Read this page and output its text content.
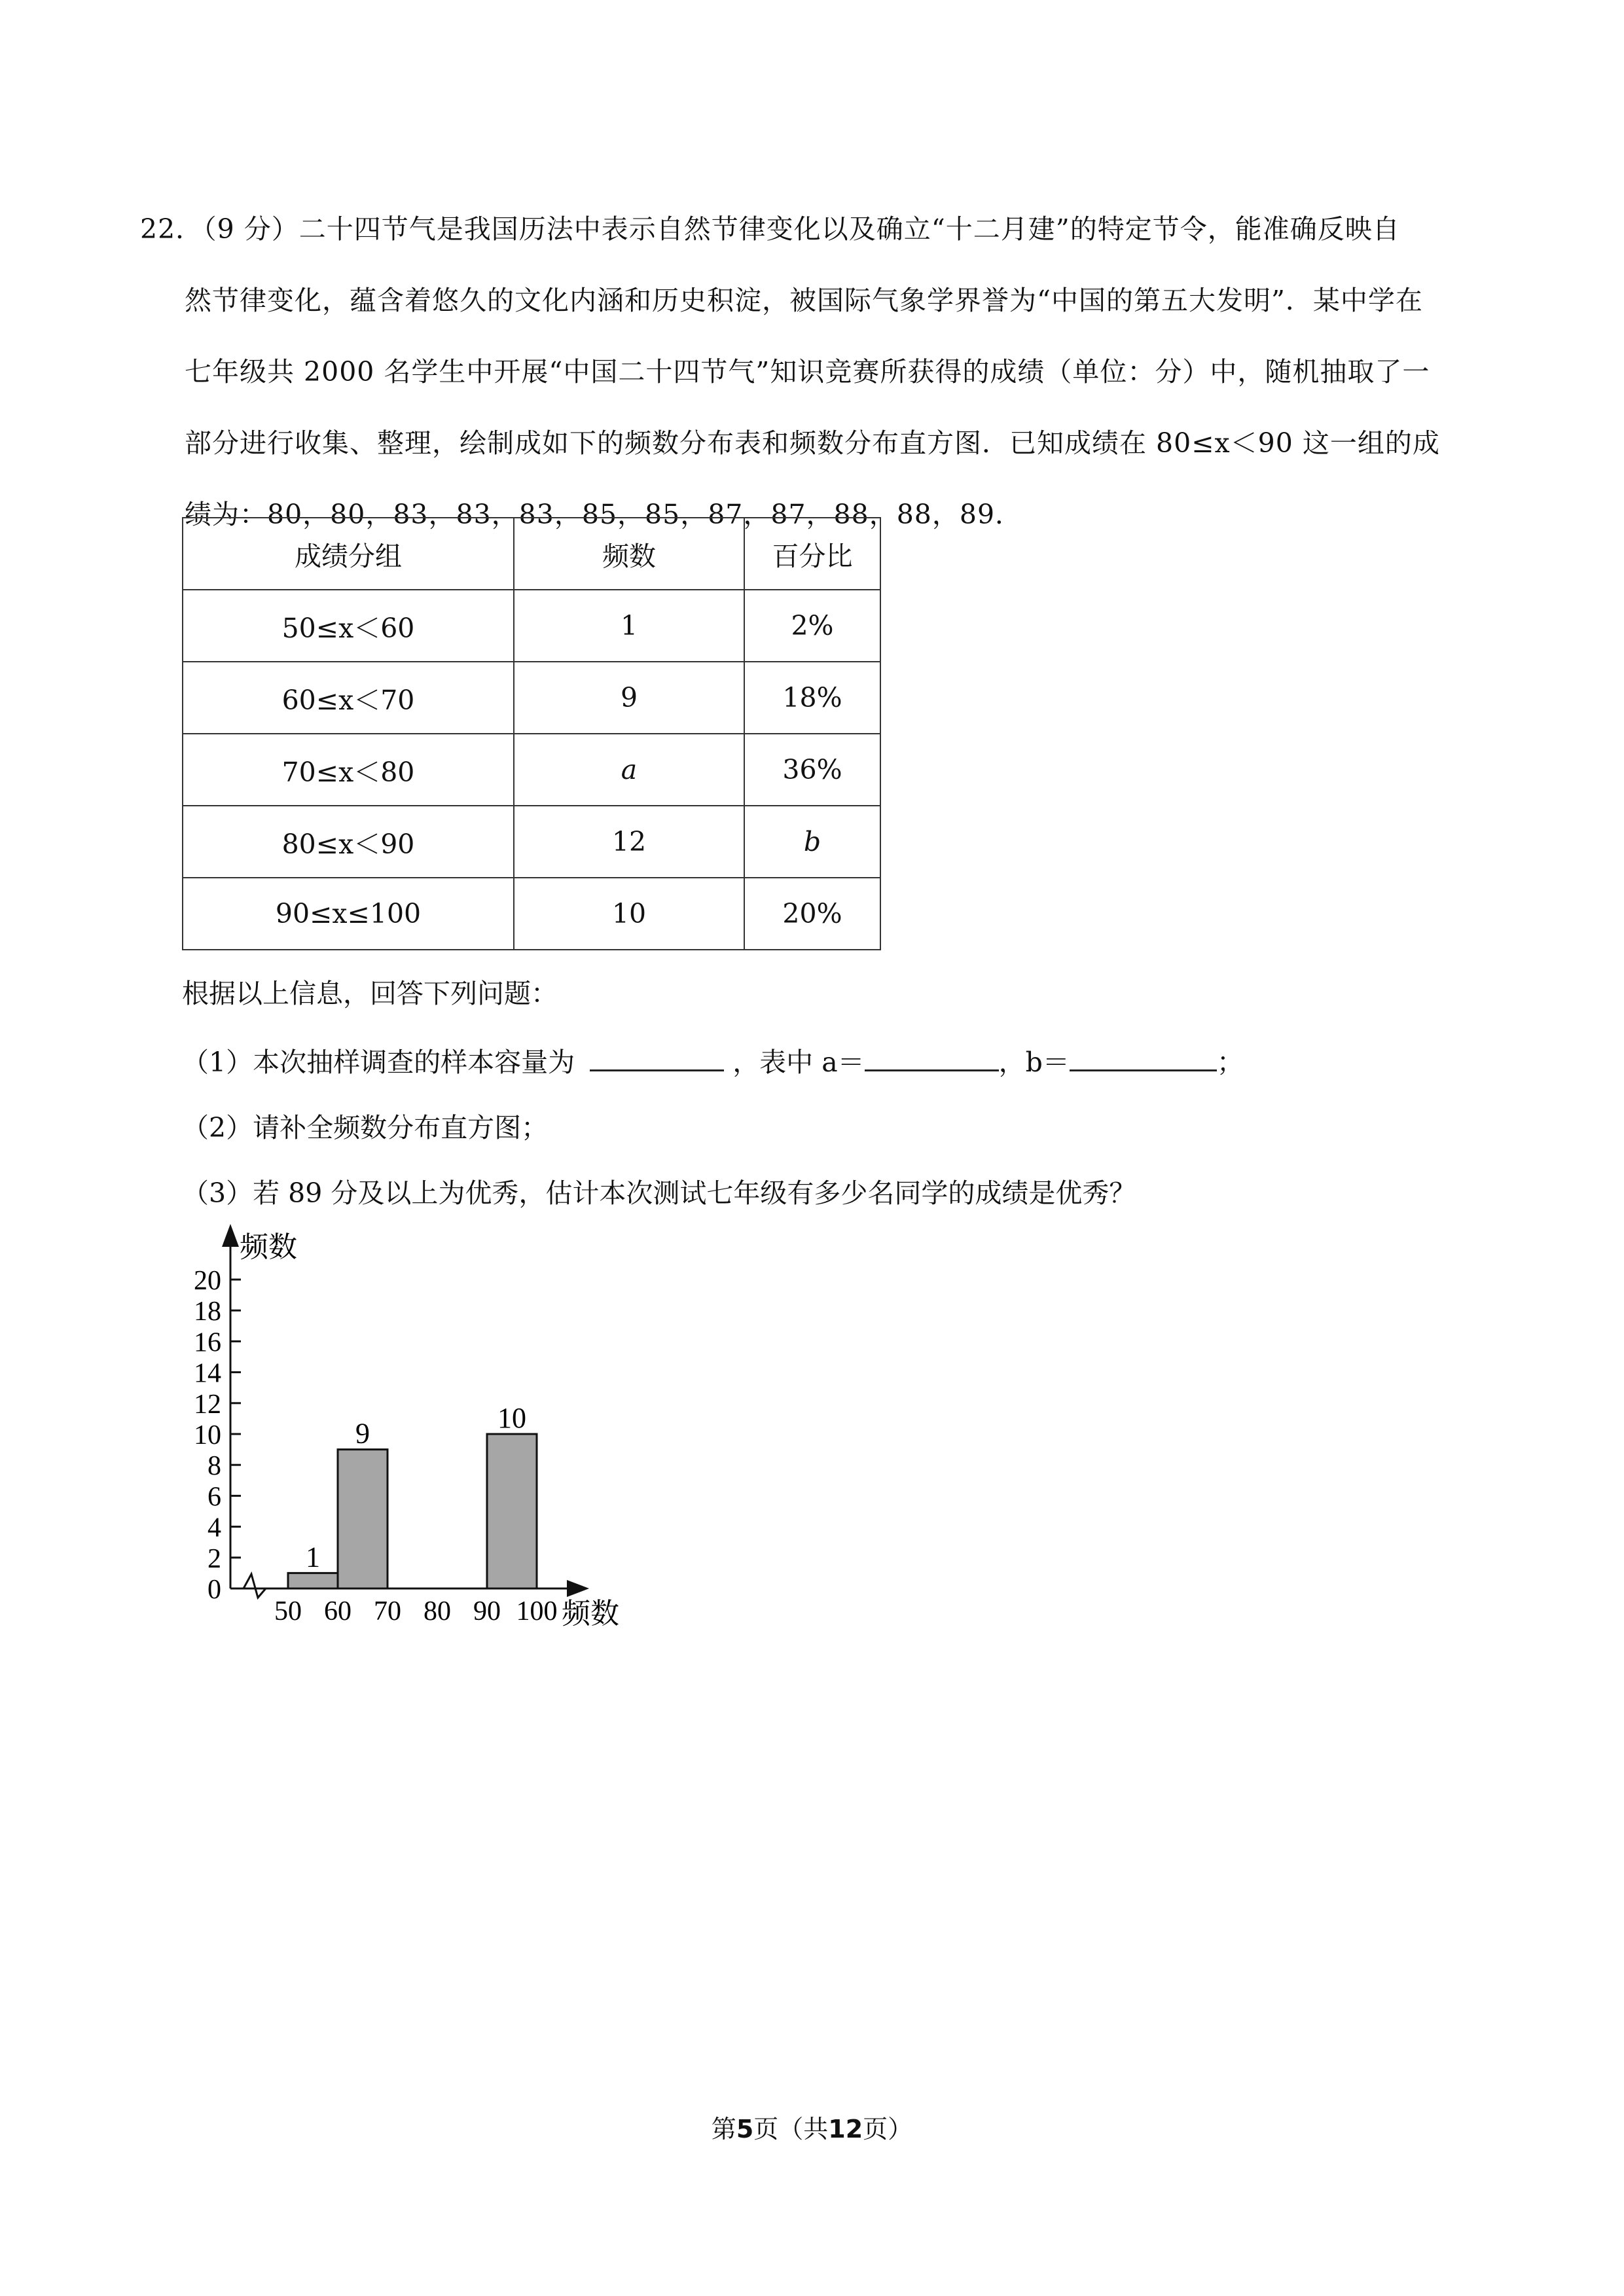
22．（9 分）二十四节气是我国历法中表示自然节律变化以及确立“十二月建”的特定节令，能准确反映自
然节律变化，蕴含着悠久的文化内涵和历史积淀，被国际气象学界誉为“中国的第五大发明”．某中学在
七年级共 2000 名学生中开展“中国二十四节气”知识竞赛所获得的成绩（单位：分）中，随机抽取了一
部分进行收集、整理，绘制成如下的频数分布表和频数分布直方图．已知成绩在 80≤x＜90 这一组的成
绩为：80，80，83，83，83，85，85，87，87，88，88，89．
成绩分组	频数	百分比
50≤x＜60	1	2%
60≤x＜70	9	18%
70≤x＜80	a	36%
80≤x＜90	12	b
90≤x≤100	10	20%
根据以上信息，回答下列问题：
（1）本次抽样调查的样本容量为	，表中 a＝	，b＝	；
（2）请补全频数分布直方图；
（3）若 89 分及以上为优秀，估计本次测试七年级有多少名同学的成绩是优秀？
频数
频数
0
2
4
6
8
10
12
14
16
18
20
50 60 70 80 90 100
1
9	10
第5页（共12页）
